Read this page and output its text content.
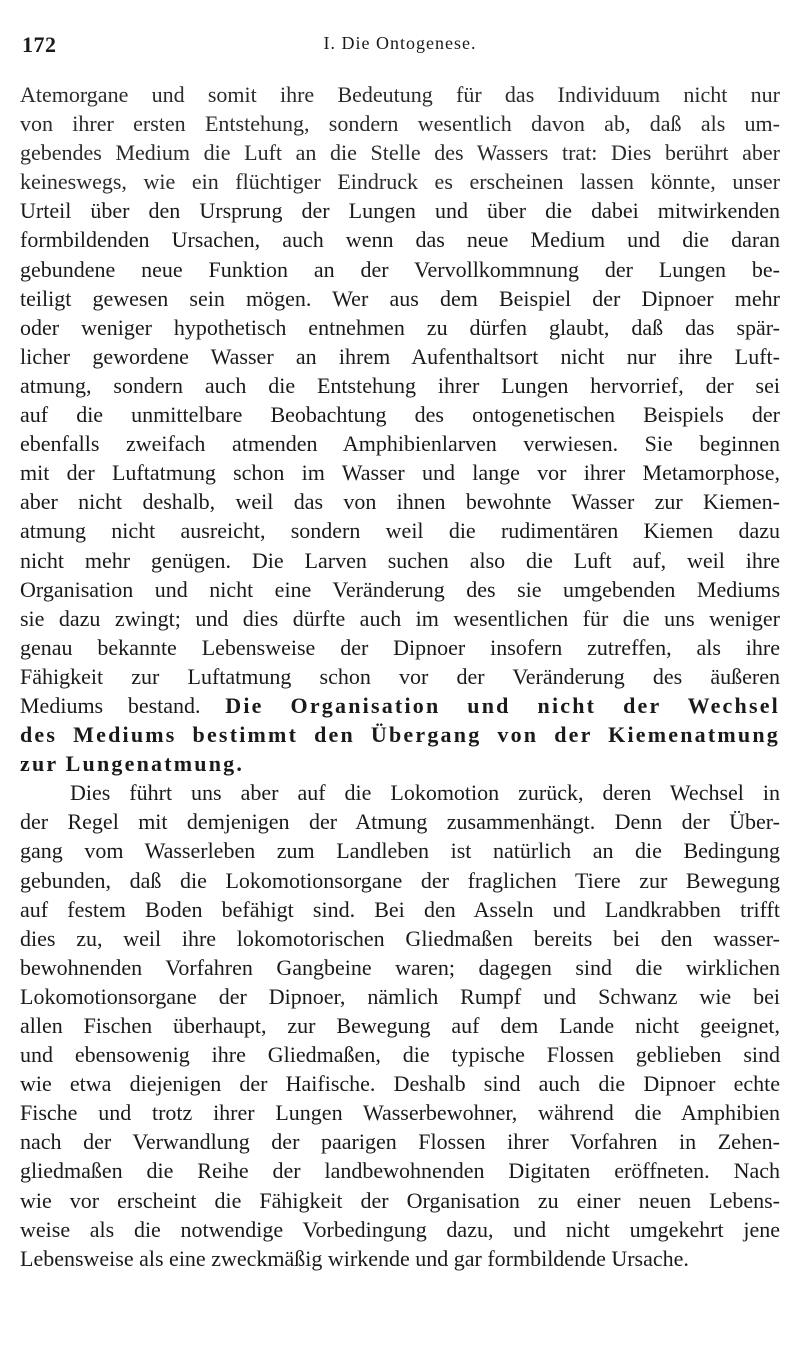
172	I. Die Ontogenese.
Atemorgane und somit ihre Bedeutung für das Individuum nicht nur
von ihrer ersten Entstehung, sondern wesentlich davon ab, daß als um-
gebendes Medium die Luft an die Stelle des Wassers trat: Dies berührt aber
keineswegs, wie ein flüchtiger Eindruck es erscheinen lassen könnte, unser
Urteil über den Ursprung der Lungen und über die dabei mitwirkenden
formbildenden Ursachen, auch wenn das neue Medium und die daran
gebundene neue Funktion an der Vervollkommnung der Lungen be-
teiligt gewesen sein mögen. Wer aus dem Beispiel der Dipnoer mehr
oder weniger hypothetisch entnehmen zu dürfen glaubt, daß das spär-
licher gewordene Wasser an ihrem Aufenthaltsort nicht nur ihre Luft-
atmung, sondern auch die Entstehung ihrer Lungen hervorrief, der sei
auf die unmittelbare Beobachtung des ontogenetischen Beispiels der
ebenfalls zweifach atmenden Amphibienlarven verwiesen. Sie beginnen
mit der Luftatmung schon im Wasser und lange vor ihrer Metamorphose,
aber nicht deshalb, weil das von ihnen bewohnte Wasser zur Kiemen-
atmung nicht ausreicht, sondern weil die rudimentären Kiemen dazu
nicht mehr genügen. Die Larven suchen also die Luft auf, weil ihre
Organisation und nicht eine Veränderung des sie umgebenden Mediums
sie dazu zwingt; und dies dürfte auch im wesentlichen für die uns weniger
genau bekannte Lebensweise der Dipnoer insofern zutreffen, als ihre
Fähigkeit zur Luftatmung schon vor der Veränderung des äußeren
Mediums bestand. Die Organisation und nicht der Wechsel
des Mediums bestimmt den Übergang von der Kiemenatmung
zur Lungenatmung.
Dies führt uns aber auf die Lokomotion zurück, deren Wechsel in
der Regel mit demjenigen der Atmung zusammenhängt. Denn der Über-
gang vom Wasserleben zum Landleben ist natürlich an die Bedingung
gebunden, daß die Lokomotionsorgane der fraglichen Tiere zur Bewegung
auf festem Boden befähigt sind. Bei den Asseln und Landkrabben trifft
dies zu, weil ihre lokomotorischen Gliedmaßen bereits bei den wasser-
bewohnenden Vorfahren Gangbeine waren; dagegen sind die wirklichen
Lokomotionsorgane der Dipnoer, nämlich Rumpf und Schwanz wie bei
allen Fischen überhaupt, zur Bewegung auf dem Lande nicht geeignet,
und ebensowenig ihre Gliedmaßen, die typische Flossen geblieben sind
wie etwa diejenigen der Haifische. Deshalb sind auch die Dipnoer echte
Fische und trotz ihrer Lungen Wasserbewohner, während die Amphibien
nach der Verwandlung der paarigen Flossen ihrer Vorfahren in Zehen-
gliedmaßen die Reihe der landbewohnenden Digitaten eröffneten. Nach
wie vor erscheint die Fähigkeit der Organisation zu einer neuen Lebens-
weise als die notwendige Vorbedingung dazu, und nicht umgekehrt jene
Lebensweise als eine zweckmäßig wirkende und gar formbildende Ursache.
